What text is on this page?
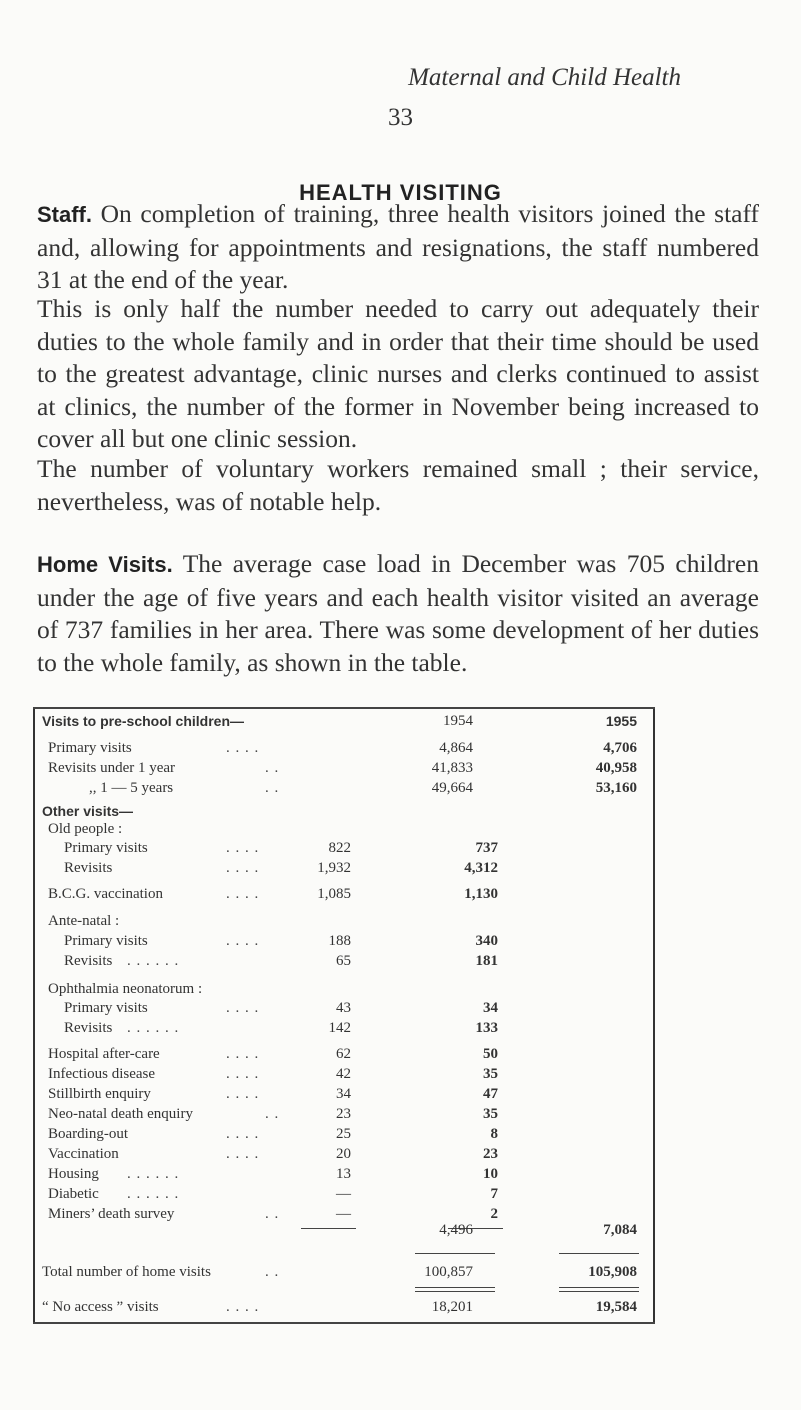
Maternal and Child Health
33
HEALTH VISITING

Staff. On completion of training, three health visitors joined the staff and, allowing for appointments and resignations, the staff numbered 31 at the end of the year.

This is only half the number needed to carry out adequately their duties to the whole family and in order that their time should be used to the greatest advantage, clinic nurses and clerks continued to assist at clinics, the number of the former in November being increased to cover all but one clinic session.

The number of voluntary workers remained small ; their service, nevertheless, was of notable help.

Home Visits. The average case load in December was 705 children under the age of five years and each health visitor visited an average of 737 families in her area. There was some development of her duties to the whole family, as shown in the table.

Visits to pre-school children—	1954	1955
Primary visits	. . . .	4,864	4,706
Revisits under 1 year	. .	41,833	40,958
,, 1 — 5 years	. .	49,664	53,160
Other visits—
Old people :
Primary visits	. . . .	822	737
Revisits	. . . .	1,932	4,312
B.C.G. vaccination	. . . .	1,085	1,130
Ante-natal :
Primary visits	. . . .	188	340
Revisits . . . . . .	65	181
Ophthalmia neonatorum :
Primary visits	. . . .	43	34
Revisits . . . . . .	142	133
Hospital after-care	. . . .	62	50
Infectious disease	. . . .	42	35
Stillbirth enquiry	. . . .	34	47
Neo-natal death enquiry	. .	23	35
Boarding-out	. . . .	25	8
Vaccination	. . . .	20	23
Housing . . . . . .	13	10
Diabetic . . . . . .	—	7
Miners’ death survey	. .	—	2
4,496	7,084
Total number of home visits	. .	100,857	105,908
“ No access ” visits	. . . .	18,201	19,584
